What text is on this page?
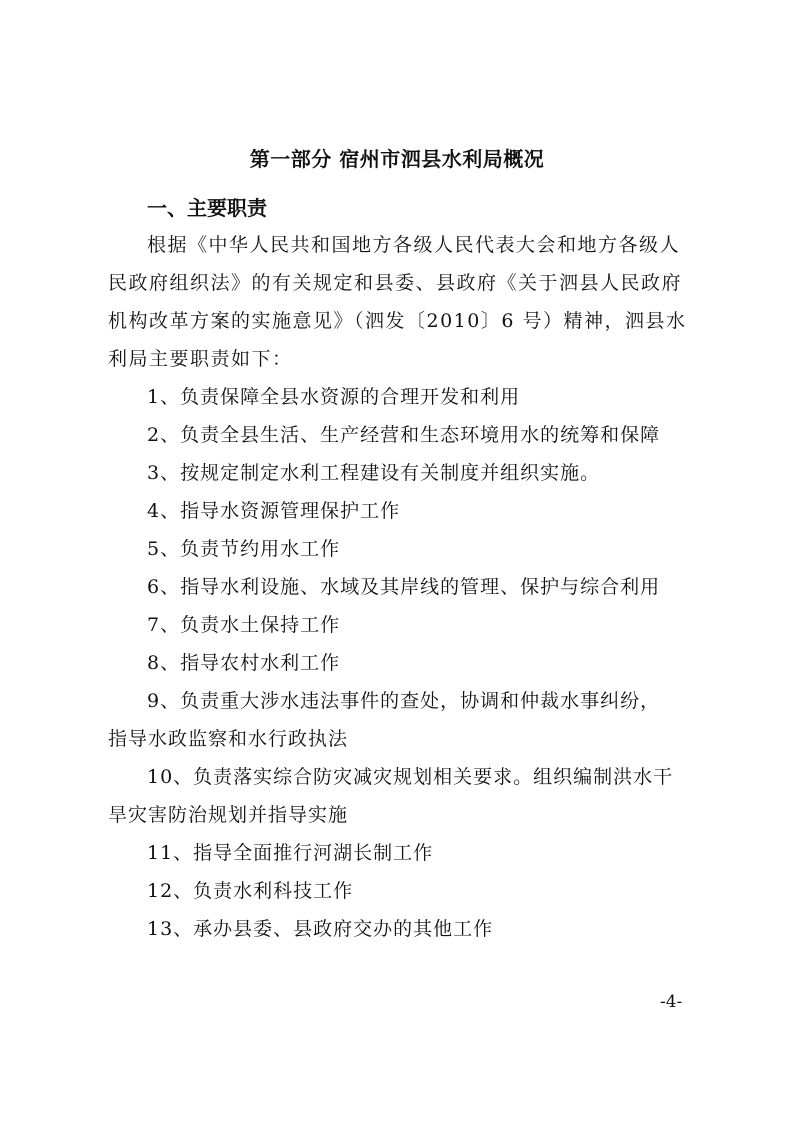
第一部分 宿州市泗县水利局概况
一、主要职责
根据《中华人民共和国地方各级人民代表大会和地方各级人
民政府组织法》的有关规定和县委、县政府《关于泗县人民政府
机构改革方案的实施意见》（泗发〔2010〕6 号）精神，泗县水
利局主要职责如下：
1、负责保障全县水资源的合理开发和利用
2、负责全县生活、生产经营和生态环境用水的统筹和保障
3、按规定制定水利工程建设有关制度并组织实施。
4、指导水资源管理保护工作
5、负责节约用水工作
6、指导水利设施、水域及其岸线的管理、保护与综合利用
7、负责水土保持工作
8、指导农村水利工作
9、负责重大涉水违法事件的查处，协调和仲裁水事纠纷，
指导水政监察和水行政执法
10、负责落实综合防灾减灾规划相关要求。组织编制洪水干
旱灾害防治规划并指导实施
11、指导全面推行河湖长制工作
12、负责水利科技工作
13、承办县委、县政府交办的其他工作
-4-
